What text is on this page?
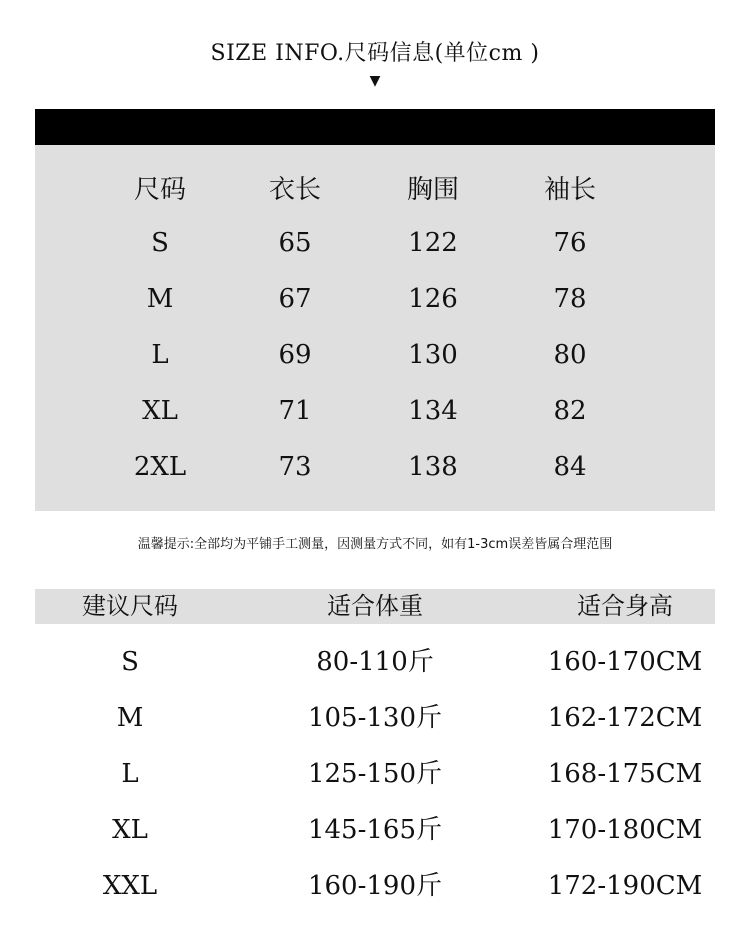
SIZE INFO.尺码信息(单位cm )
▼
尺码	衣长	胸围	袖长
S	65	122	76
M	67	126	78
L	69	130	80
XL	71	134	82
2XL	73	138	84
温馨提示:全部均为平铺手工测量，因测量方式不同，如有1-3cm误差皆属合理范围
建议尺码	适合体重	适合身高
S	80-110斤	160-170CM
M	105-130斤	162-172CM
L	125-150斤	168-175CM
XL	145-165斤	170-180CM
XXL	160-190斤	172-190CM
